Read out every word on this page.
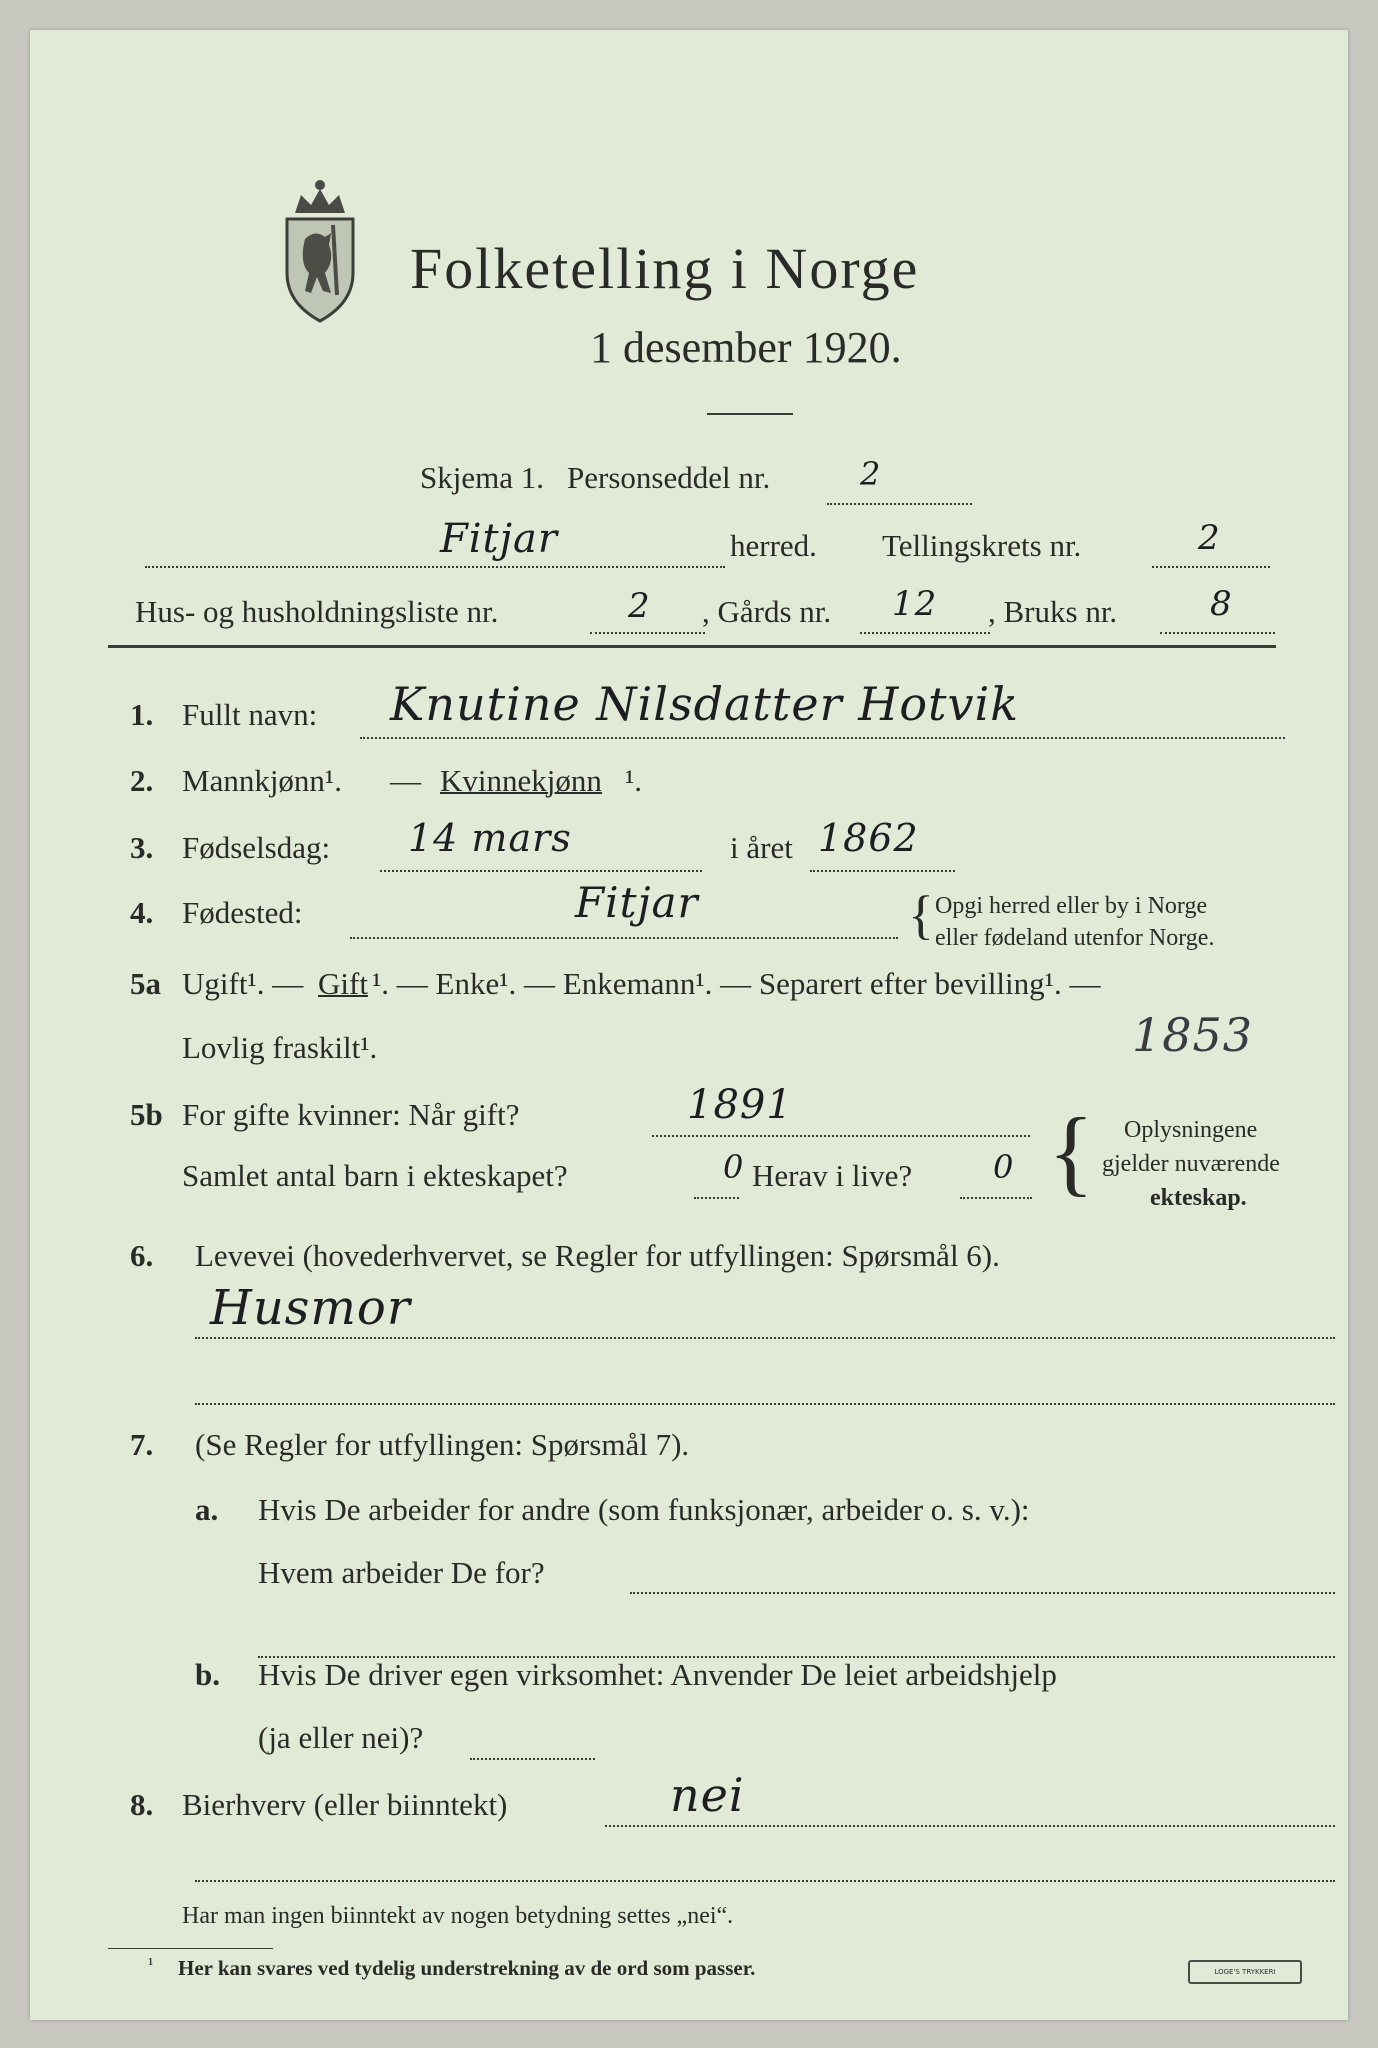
Folketelling i Norge
1 desember 1920.
Skjema 1. Personseddel nr.	2
Fitjar	herred. Tellingskrets nr.	2
Hus- og husholdningsliste nr.	2 , Gårds nr. 12 , Bruks nr.	8
1. Fullt navn: Knutine Nilsdatter Hotvik
2. Mannkjønn¹. — Kvinnekjønn ¹.
3. Fødselsdag: 14 mars	i året 1862
4. Fødested:	Fitjar	{ Opgi herred eller by i Norge
eller fødeland utenfor Norge.
5a Ugift¹. — Gift ¹. — Enke¹. — Enkemann¹. — Separert efter bevilling¹. —
Lovlig fraskilt¹.	1853
5b For gifte kvinner: Når gift?	1891
Samlet antal barn i ekteskapet?	0 Herav i live?	0 { Oplysningene
gjelder nuværende
ekteskap.
6. Levevei (hovederhvervet, se Regler for utfyllingen: Spørsmål 6).
Husmor
7. (Se Regler for utfyllingen: Spørsmål 7).
a. Hvis De arbeider for andre (som funksjonær, arbeider o. s. v.):
Hvem arbeider De for?
b. Hvis De driver egen virksomhet: Anvender De leiet arbeidshjelp
(ja eller nei)?
8. Bierhverv (eller biinntekt)	nei
Har man ingen biinntekt av nogen betydning settes „nei“.
¹ Her kan svares ved tydelig understrekning av de ord som passer.	LOGE'S TRYKKERI
